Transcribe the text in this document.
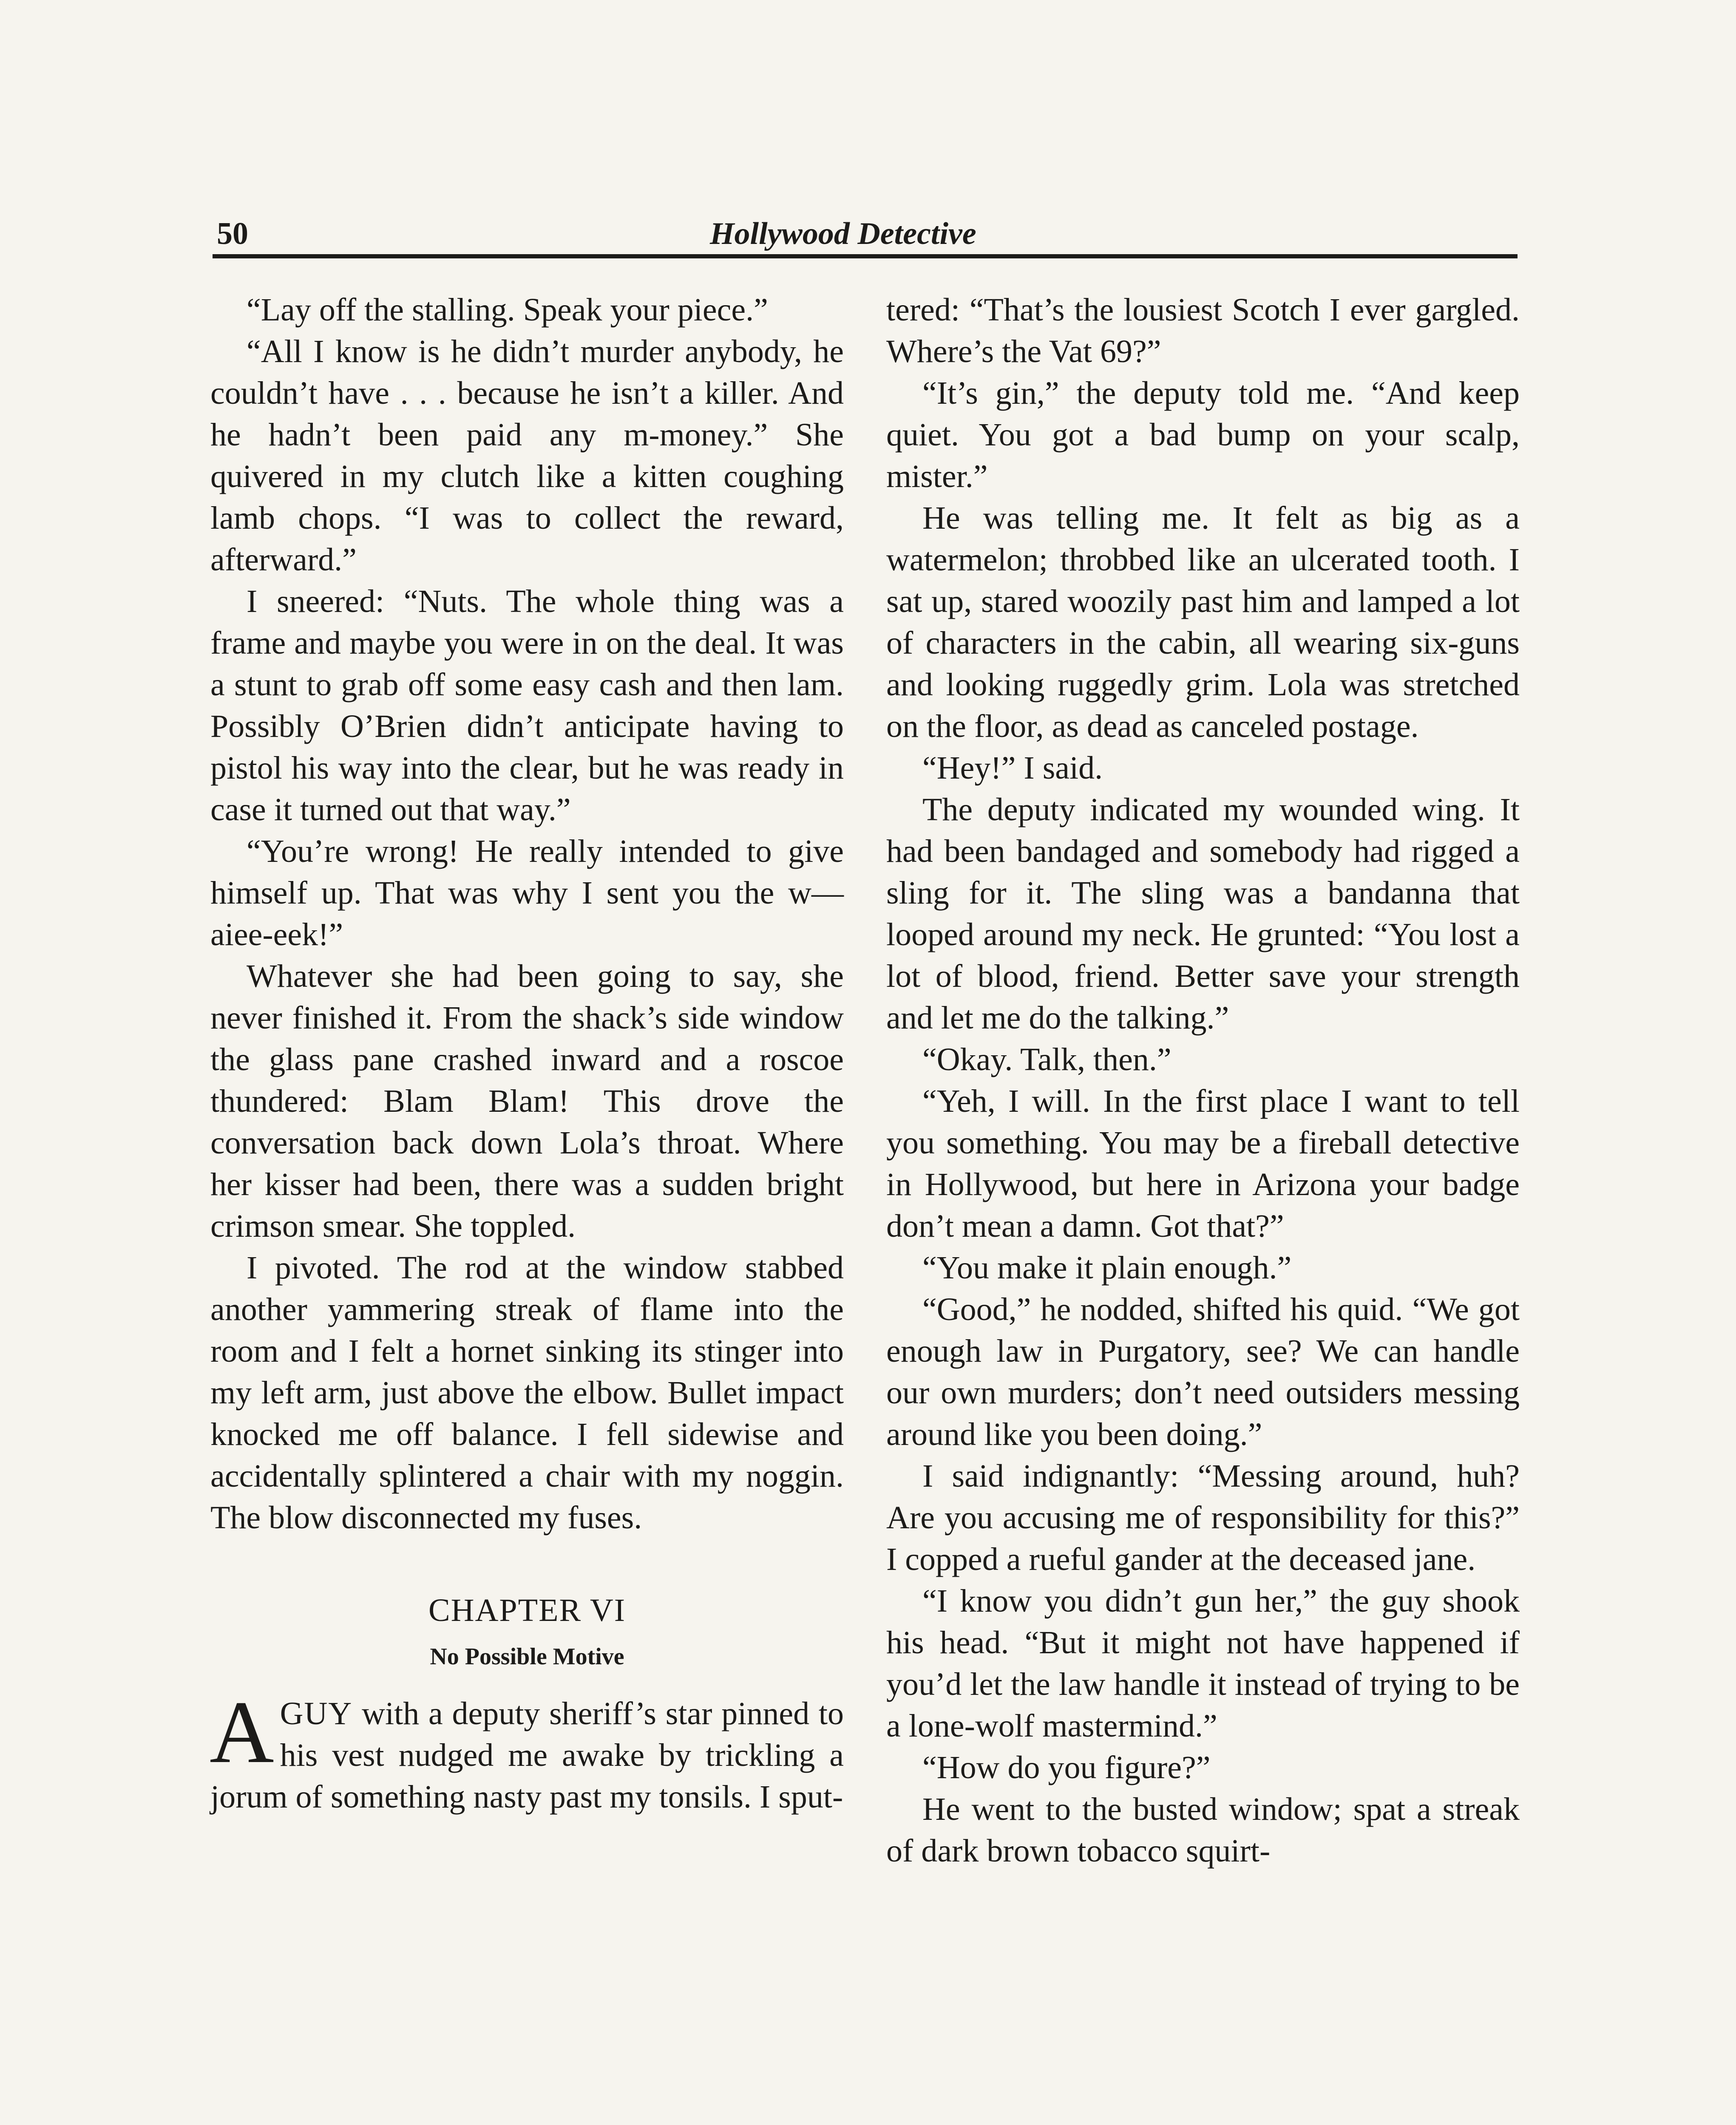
50	Hollywood Detective

“Lay off the stalling. Speak your piece.”

“All I know is he didn’t murder anybody, he couldn’t have . . . because he isn’t a killer. And he hadn’t been paid any m-money.” She quivered in my clutch like a kitten coughing lamb chops. “I was to collect the reward, afterward.”

I sneered: “Nuts. The whole thing was a frame and maybe you were in on the deal. It was a stunt to grab off some easy cash and then lam. Possibly O’Brien didn’t anticipate having to pistol his way into the clear, but he was ready in case it turned out that way.”

“You’re wrong! He really intended to give himself up. That was why I sent you the w—aiee-eek!”

Whatever she had been going to say, she never finished it. From the shack’s side window the glass pane crashed inward and a roscoe thundered: Blam Blam! This drove the conversation back down Lola’s throat. Where her kisser had been, there was a sudden bright crimson smear. She toppled.

I pivoted. The rod at the window stabbed another yammering streak of flame into the room and I felt a hornet sinking its stinger into my left arm, just above the elbow. Bullet impact knocked me off balance. I fell sidewise and accidentally splintered a chair with my noggin. The blow disconnected my fuses.

CHAPTER VI
No Possible Motive

AGUY with a deputy sheriff’s star pinned to his vest nudged me awake by trickling a jorum of something nasty past my tonsils. I sput-

tered: “That’s the lousiest Scotch I ever gargled. Where’s the Vat 69?”

“It’s gin,” the deputy told me. “And keep quiet. You got a bad bump on your scalp, mister.”

He was telling me. It felt as big as a watermelon; throbbed like an ulcerated tooth. I sat up, stared woozily past him and lamped a lot of characters in the cabin, all wearing six-guns and looking ruggedly grim. Lola was stretched on the floor, as dead as canceled postage.

“Hey!” I said.

The deputy indicated my wounded wing. It had been bandaged and somebody had rigged a sling for it. The sling was a bandanna that looped around my neck. He grunted: “You lost a lot of blood, friend. Better save your strength and let me do the talking.”

“Okay. Talk, then.”

“Yeh, I will. In the first place I want to tell you something. You may be a fireball detective in Hollywood, but here in Arizona your badge don’t mean a damn. Got that?”

“You make it plain enough.”

“Good,” he nodded, shifted his quid. “We got enough law in Purgatory, see? We can handle our own murders; don’t need outsiders messing around like you been doing.”

I said indignantly: “Messing around, huh? Are you accusing me of responsibility for this?” I copped a rueful gander at the deceased jane.

“I know you didn’t gun her,” the guy shook his head. “But it might not have happened if you’d let the law handle it instead of trying to be a lone-wolf mastermind.”

“How do you figure?”

He went to the busted window; spat a streak of dark brown tobacco squirt-
